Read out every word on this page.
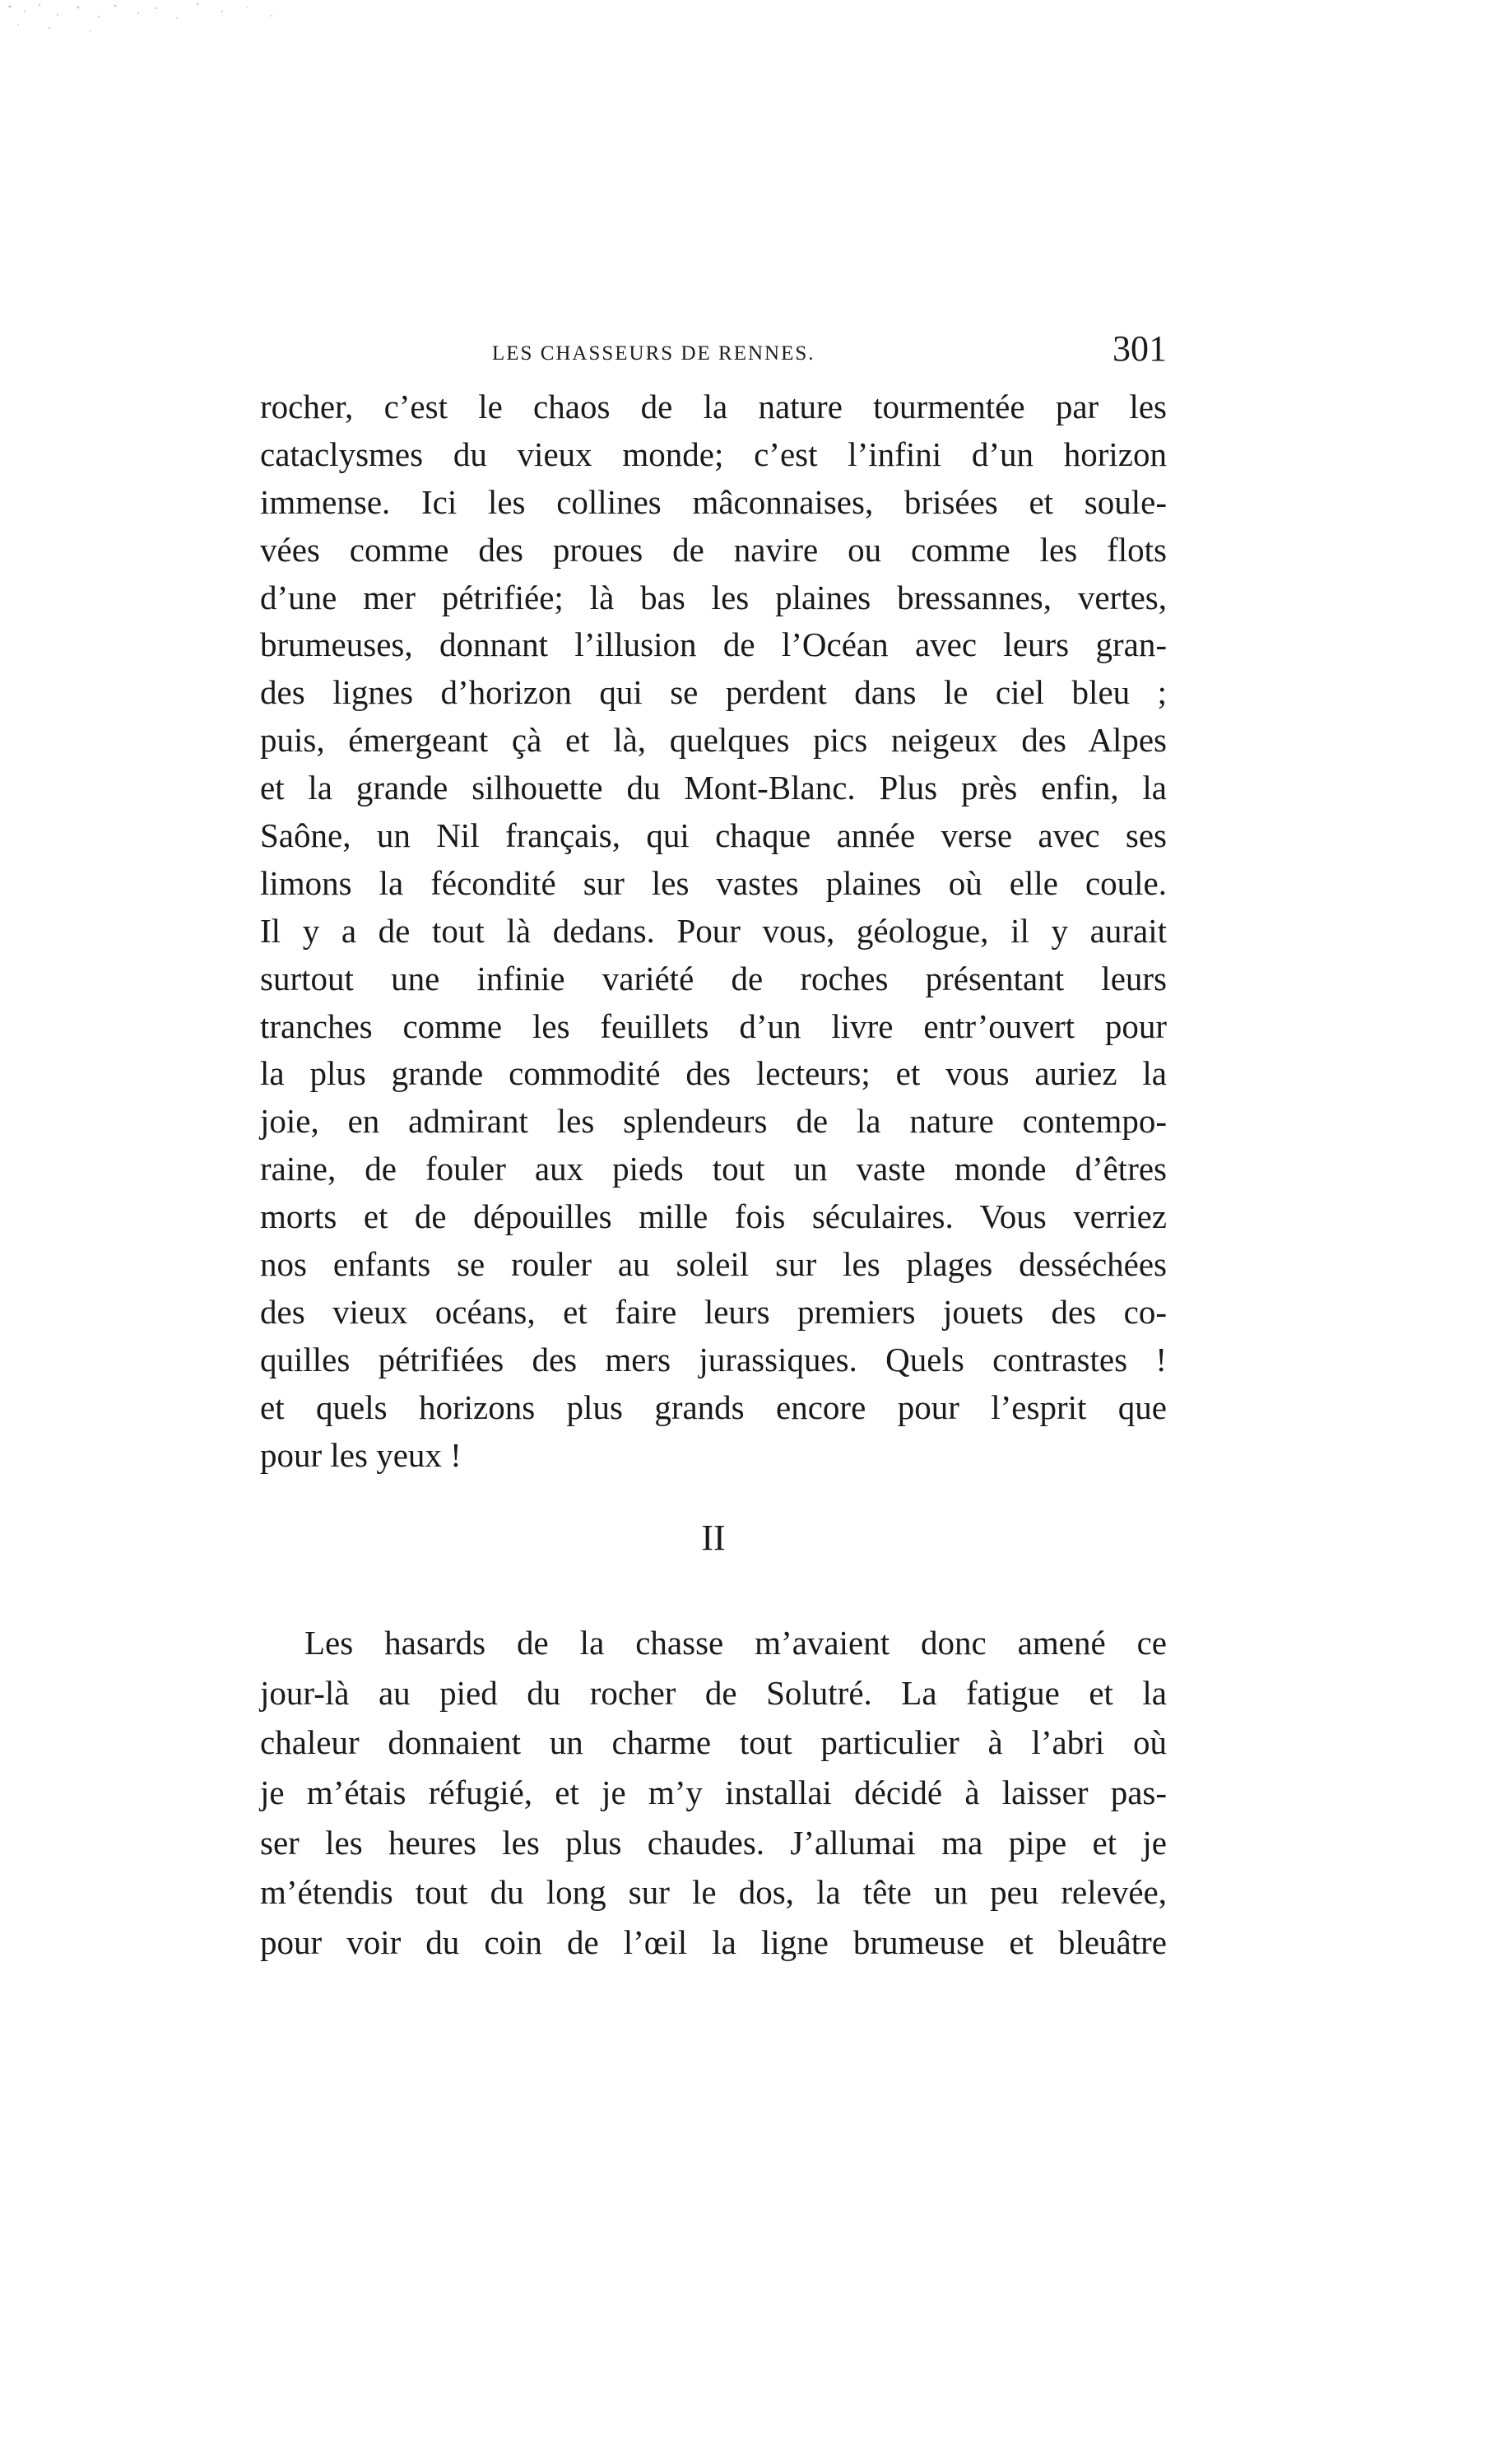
LES CHASSEURS DE RENNES.	301
rocher, c’est le chaos de la nature tourmentée par les
cataclysmes du vieux monde; c’est l’infini d’un horizon
immense. Ici les collines mâconnaises, brisées et soule-
vées comme des proues de navire ou comme les flots
d’une mer pétrifiée; là bas les plaines bressannes, vertes,
brumeuses, donnant l’illusion de l’Océan avec leurs gran-
des lignes d’horizon qui se perdent dans le ciel bleu ;
puis, émergeant çà et là, quelques pics neigeux des Alpes
et la grande silhouette du Mont-Blanc. Plus près enfin, la
Saône, un Nil français, qui chaque année verse avec ses
limons la fécondité sur les vastes plaines où elle coule.
Il y a de tout là dedans. Pour vous, géologue, il y aurait
surtout une infinie variété de roches présentant leurs
tranches comme les feuillets d’un livre entr’ouvert pour
la plus grande commodité des lecteurs; et vous auriez la
joie, en admirant les splendeurs de la nature contempo-
raine, de fouler aux pieds tout un vaste monde d’êtres
morts et de dépouilles mille fois séculaires. Vous verriez
nos enfants se rouler au soleil sur les plages desséchées
des vieux océans, et faire leurs premiers jouets des co-
quilles pétrifiées des mers jurassiques. Quels contrastes !
et quels horizons plus grands encore pour l’esprit que
pour les yeux !
II
Les hasards de la chasse m’avaient donc amené ce
jour-là au pied du rocher de Solutré. La fatigue et la
chaleur donnaient un charme tout particulier à l’abri où
je m’étais réfugié, et je m’y installai décidé à laisser pas-
ser les heures les plus chaudes. J’allumai ma pipe et je
m’étendis tout du long sur le dos, la tête un peu relevée,
pour voir du coin de l’œil la ligne brumeuse et bleuâtre
